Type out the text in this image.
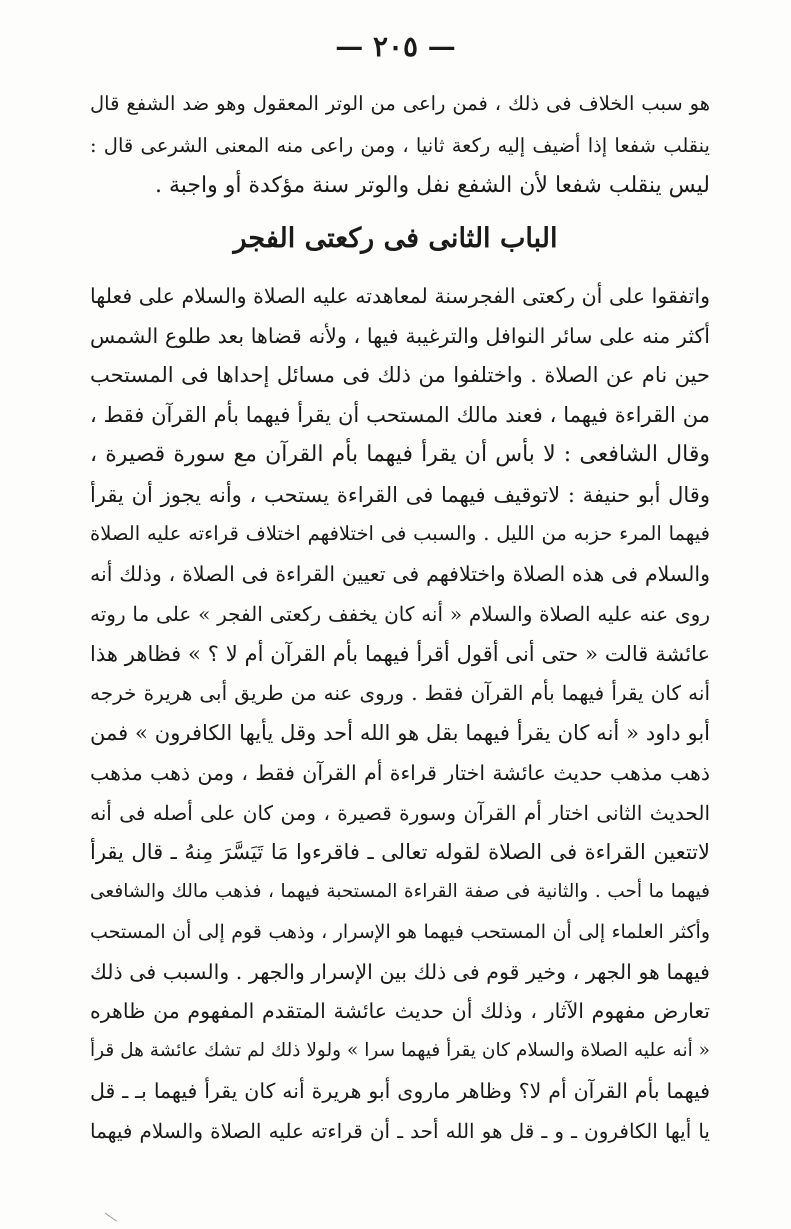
— ٢٠٥ —
هو سبب الخلاف فى ذلك ، فمن راعى من الوتر المعقول وهو ضد الشفع قال
ينقلب شفعا إذا أضيف إليه ركعة ثانيا ، ومن راعى منه المعنى الشرعى قال :
ليس ينقلب شفعا لأن الشفع نفل والوتر سنة مؤكدة أو واجبة .
الباب الثانى فى ركعتى الفجر
واتفقوا على أن ركعتى الفجرسنة لمعاهدته عليه الصلاة والسلام على فعلها
أكثر منه على سائر النوافل والترغيبة فيها ، ولأنه قضاها بعد طلوع الشمس
حين نام عن الصلاة . واختلفوا من ذلك فى مسائل إحداها فى المستحب
من القراءة فيهما ، فعند مالك المستحب أن يقرأ فيهما بأم القرآن فقط ،
وقال الشافعى : لا بأس أن يقرأ فيهما بأم القرآن مع سورة قصيرة ،
وقال أبو حنيفة : لاتوقيف فيهما فى القراءة يستحب ، وأنه يجوز أن يقرأ
فيهما المرء حزبه من الليل . والسبب فى اختلافهم اختلاف قراءته عليه الصلاة
والسلام فى هذه الصلاة واختلافهم فى تعيين القراءة فى الصلاة ، وذلك أنه
روى عنه عليه الصلاة والسلام « أنه كان يخفف ركعتى الفجر » على ما روته
عائشة قالت « حتى أنى أقول أقرأ فيهما بأم القرآن أم لا ؟ » فظاهر هذا
أنه كان يقرأ فيهما بأم القرآن فقط . وروى عنه من طريق أبى هريرة خرجه
أبو داود « أنه كان يقرأ فيهما بقل هو الله أحد وقل يأيها الكافرون » فمن
ذهب مذهب حديث عائشة اختار قراءة أم القرآن فقط ، ومن ذهب مذهب
الحديث الثانى اختار أم القرآن وسورة قصيرة ، ومن كان على أصله فى أنه
لاتتعين القراءة فى الصلاة لقوله تعالى ـ فاقرءوا مَا تَيَسَّرَ مِنهُ ـ قال يقرأ
فيهما ما أحب . والثانية فى صفة القراءة المستحبة فيهما ، فذهب مالك والشافعى
وأكثر العلماء إلى أن المستحب فيهما هو الإسرار ، وذهب قوم إلى أن المستحب
فيهما هو الجهر ، وخير قوم فى ذلك بين الإسرار والجهر . والسبب فى ذلك
تعارض مفهوم الآثار ، وذلك أن حديث عائشة المتقدم المفهوم من ظاهره
« أنه عليه الصلاة والسلام كان يقرأ فيهما سرا » ولولا ذلك لم تشك عائشة هل قرأ
فيهما بأم القرآن أم لا؟ وظاهر ماروى أبو هريرة أنه كان يقرأ فيهما بـ ـ قل
يا أيها الكافرون ـ و ـ قل هو الله أحد ـ أن قراءته عليه الصلاة والسلام فيهما
